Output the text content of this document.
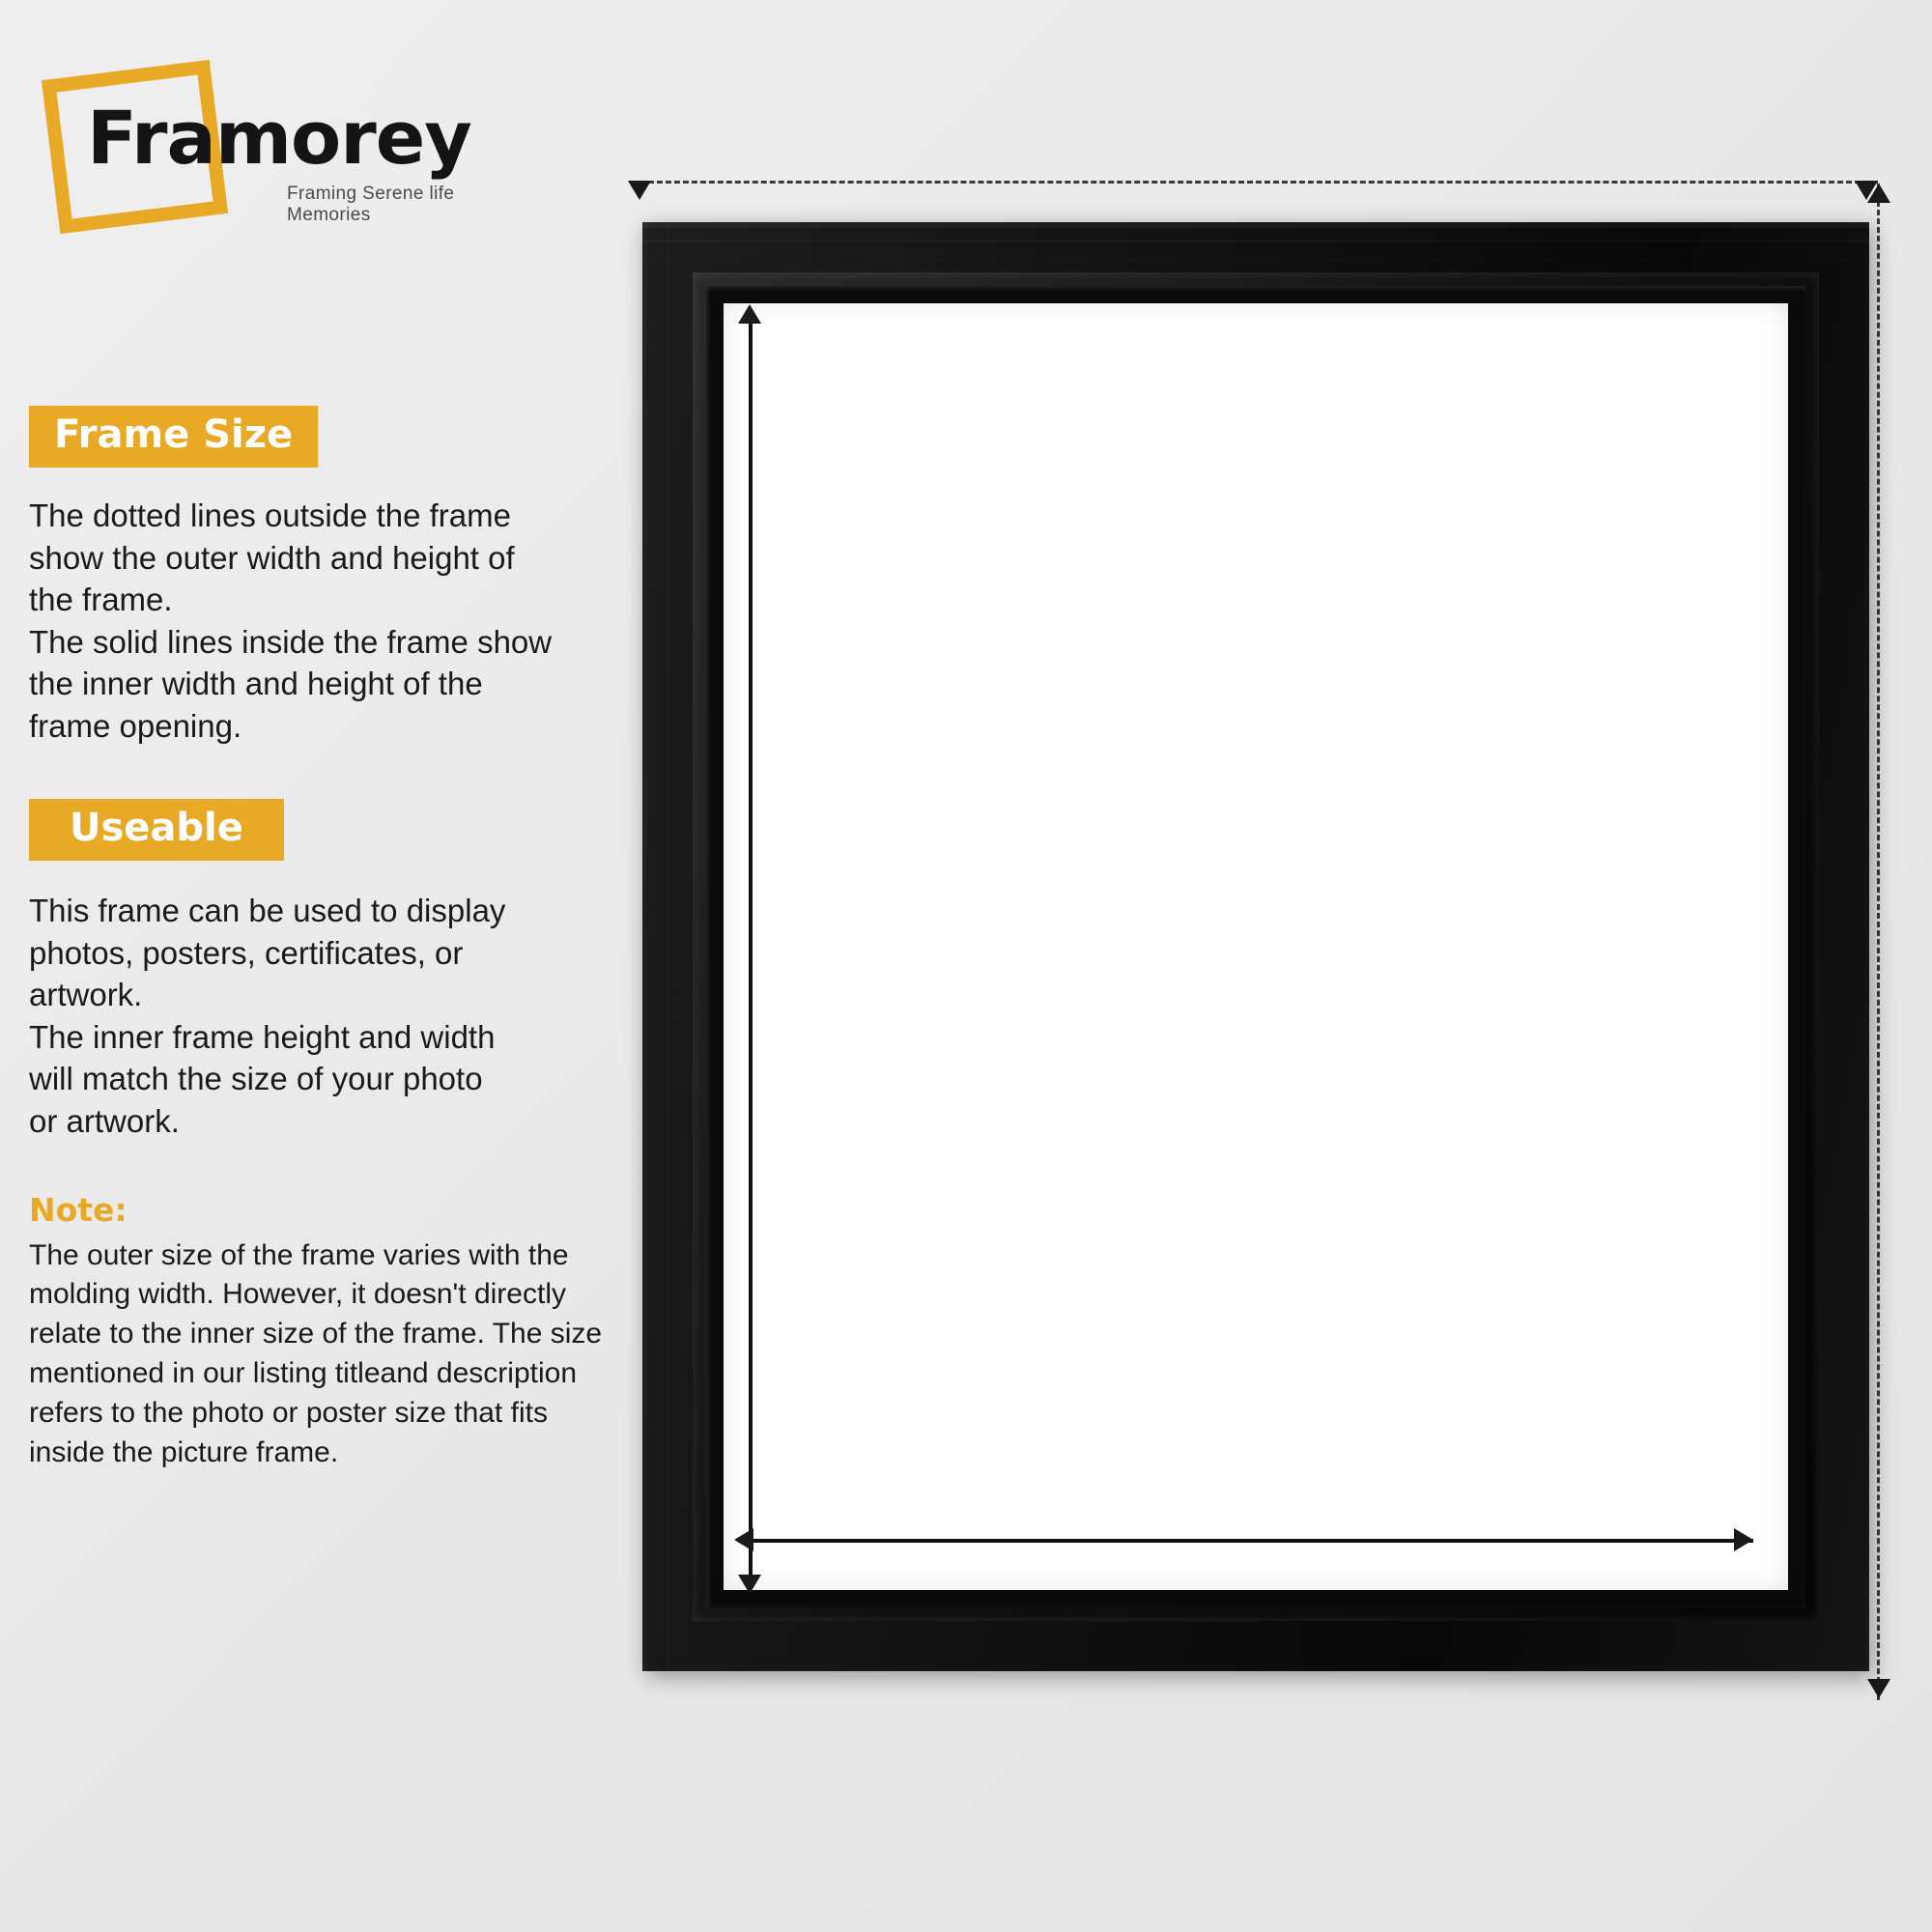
Framorey
Framing Serene life Memories
Frame Size
The dotted lines outside the frame
show the outer width and height of
the frame.
The solid lines inside the frame show
the inner width and height of the
frame opening.
Useable
This frame can be used to display
photos, posters, certificates, or
artwork.
The inner frame height and width
will match the size of your photo
or artwork.
Note:
The outer size of the frame varies with the molding width. However, it doesn't directly relate to the inner size of the frame. The size mentioned in our listing titleand description refers to the photo or poster size that fits inside the picture frame.
